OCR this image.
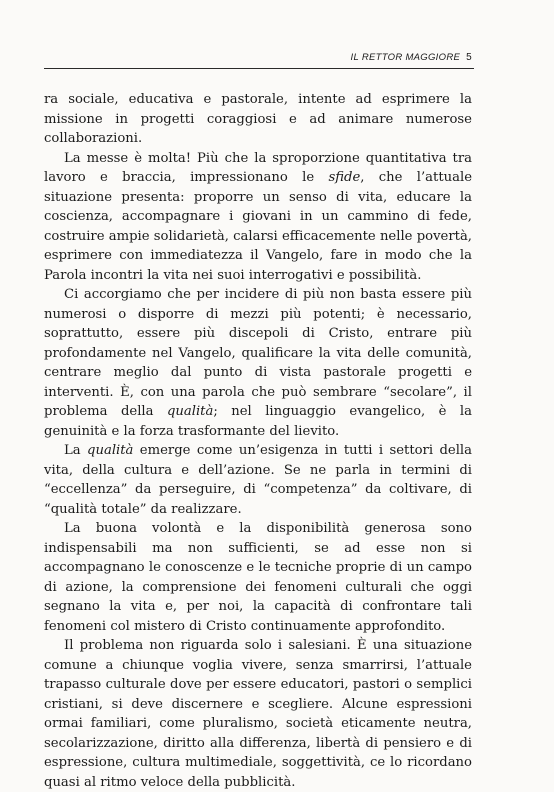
IL RETTOR MAGGIORE 5

ra sociale, educativa e pastorale, intente ad esprimere la missione in progetti coraggiosi e ad animare numerose collaborazioni.

La messe è molta! Più che la sproporzione quantitativa tra lavoro e braccia, impressionano le sfide, che l’attuale situazione presenta: proporre un senso di vita, educare la coscienza, accompagnare i giovani in un cammino di fede, costruire ampie solidarietà, calarsi efficacemente nelle povertà, esprimere con immediatezza il Vangelo, fare in modo che la Parola incontri la vita nei suoi interrogativi e possibilità.

Ci accorgiamo che per incidere di più non basta essere più numerosi o disporre di mezzi più potenti; è necessario, soprattutto, essere più discepoli di Cristo, entrare più profondamente nel Vangelo, qualificare la vita delle comunità, centrare meglio dal punto di vista pastorale progetti e interventi. È, con una parola che può sembrare “secolare”, il problema della qualità; nel linguaggio evangelico, è la genuinità e la forza trasformante del lievito.

La qualità emerge come un’esigenza in tutti i settori della vita, della cultura e dell’azione. Se ne parla in termini di “eccellenza” da perseguire, di “competenza” da coltivare, di “qualità totale” da realizzare.

La buona volontà e la disponibilità generosa sono indispensabili ma non sufficienti, se ad esse non si accompagnano le conoscenze e le tecniche proprie di un campo di azione, la comprensione dei fenomeni culturali che oggi segnano la vita e, per noi, la capacità di confrontare tali fenomeni col mistero di Cristo continuamente approfondito.

Il problema non riguarda solo i salesiani. È una situazione comune a chiunque voglia vivere, senza smarrirsi, l’attuale trapasso culturale dove per essere educatori, pastori o semplici cristiani, si deve discernere e scegliere. Alcune espressioni ormai familiari, come pluralismo, società eticamente neutra, secolarizzazione, diritto alla differenza, libertà di pensiero e di espressione, cultura multimediale, soggettività, ce lo ricordano quasi al ritmo veloce della pubblicità.
